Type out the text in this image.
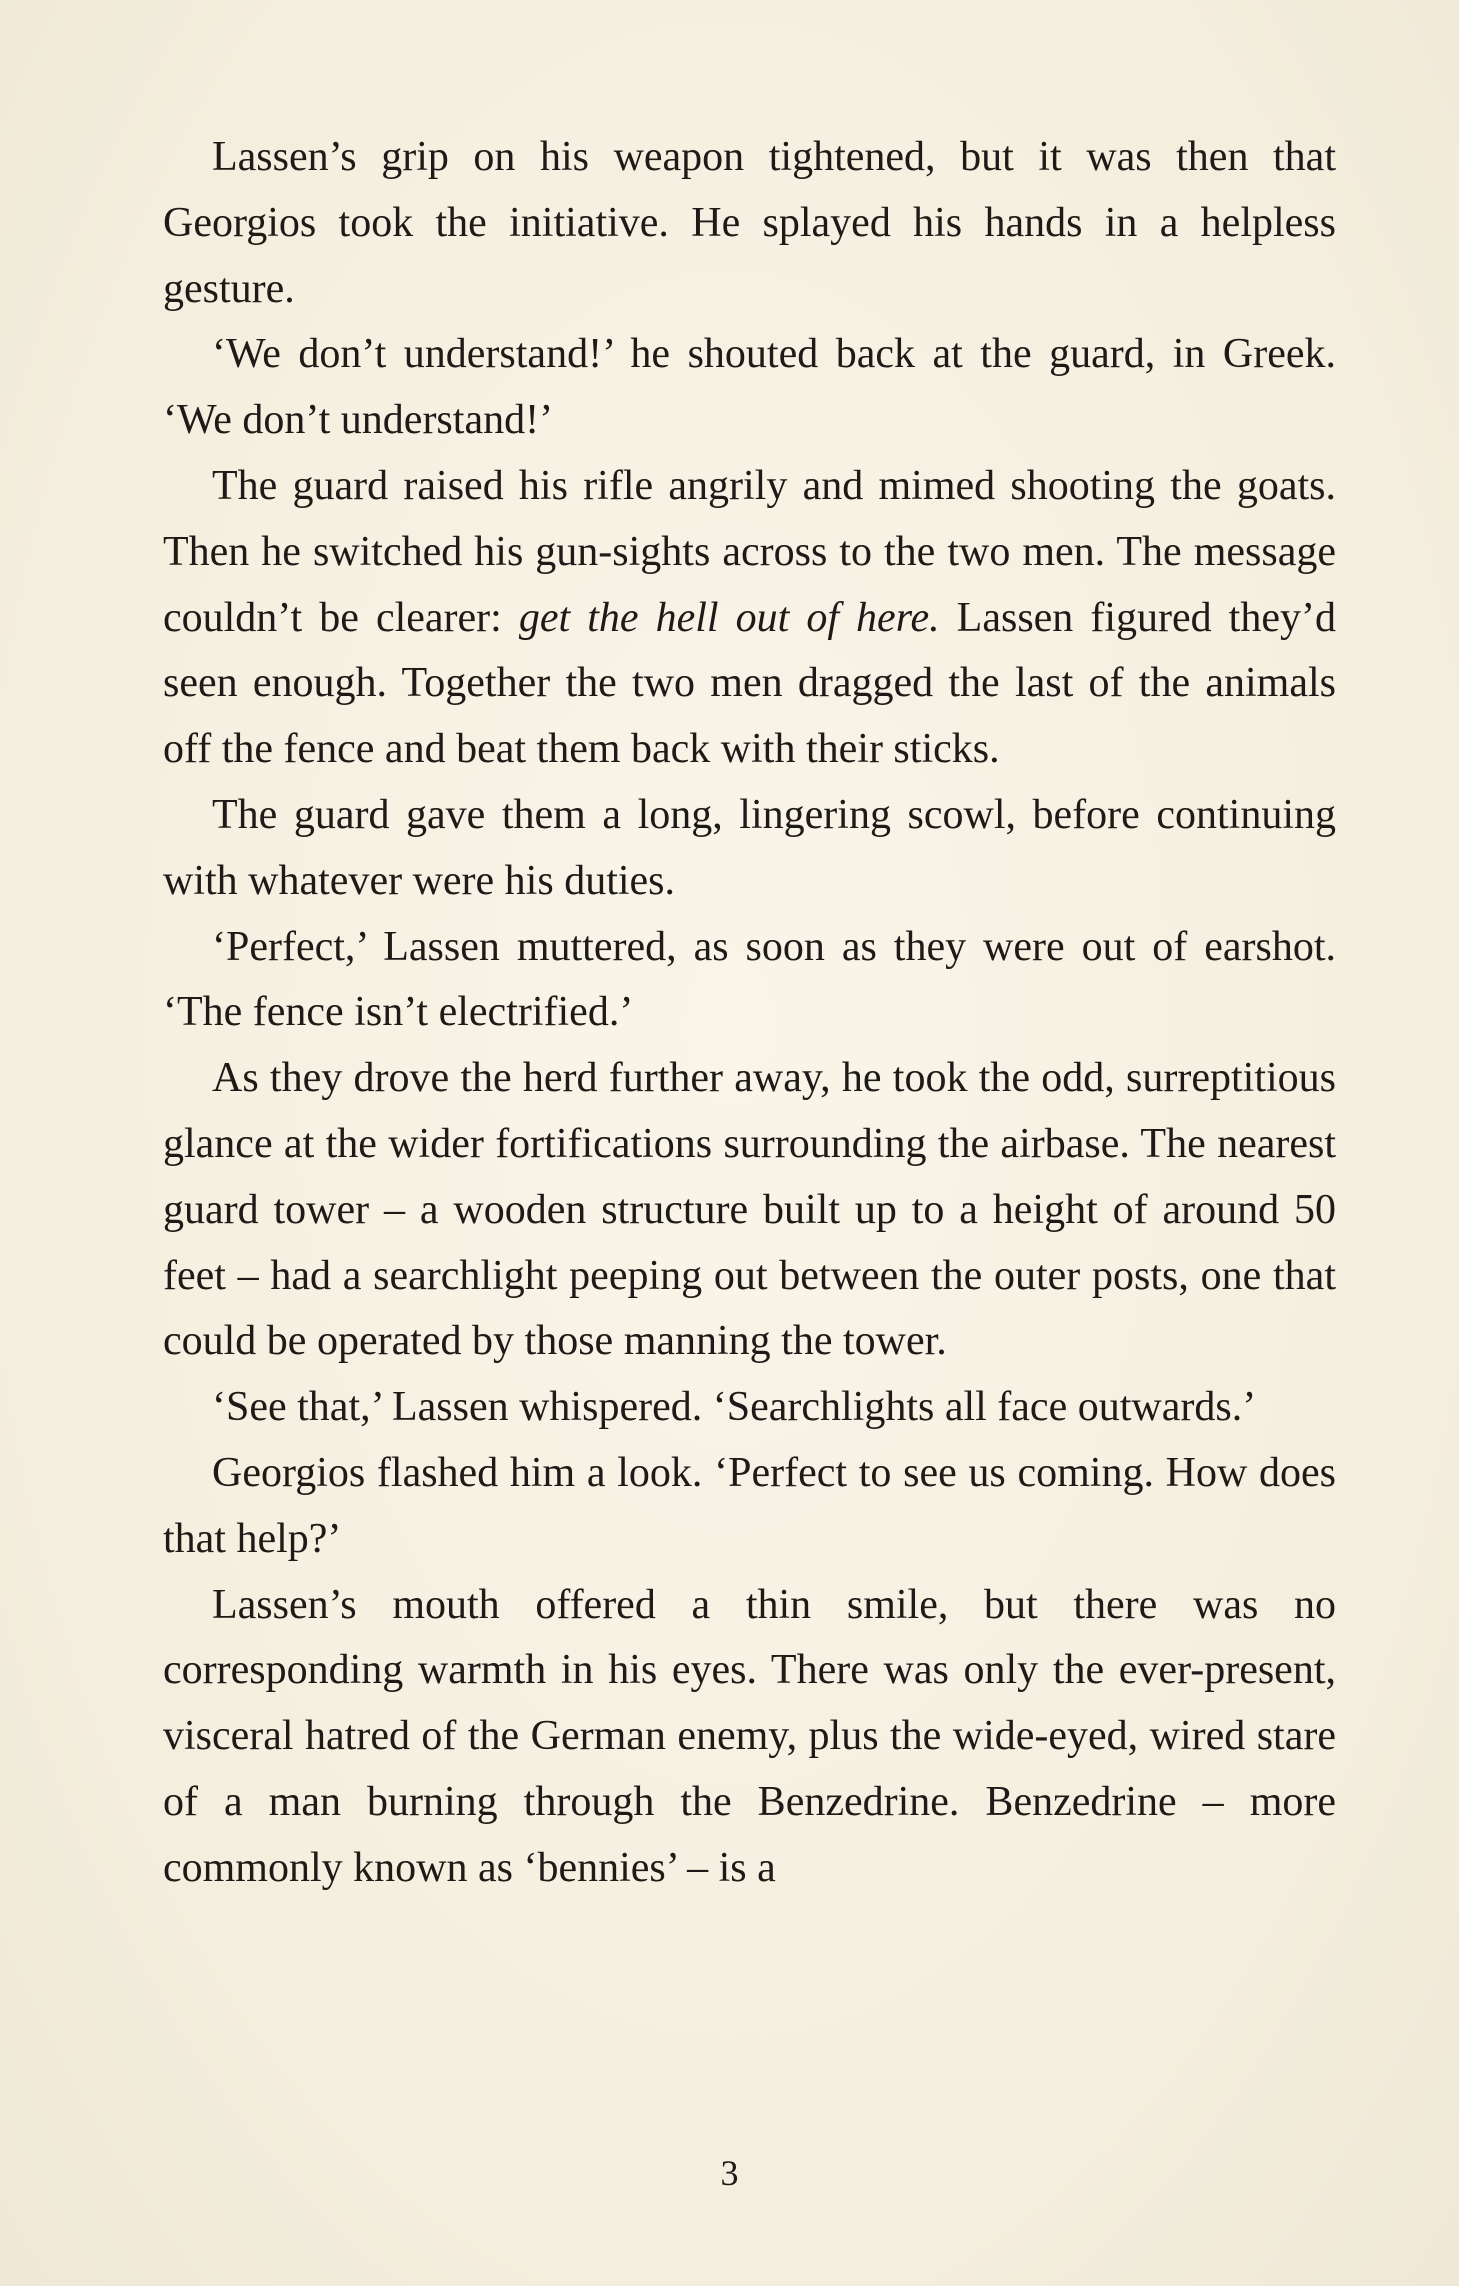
Lassen’s grip on his weapon tightened, but it was then that Georgios took the initiative. He splayed his hands in a helpless gesture.

‘We don’t understand!’ he shouted back at the guard, in Greek. ‘We don’t understand!’

The guard raised his rifle angrily and mimed shooting the goats. Then he switched his gun-sights across to the two men. The message couldn’t be clearer: get the hell out of here. Lassen figured they’d seen enough. Together the two men dragged the last of the animals off the fence and beat them back with their sticks.

The guard gave them a long, lingering scowl, before continuing with whatever were his duties.

‘Perfect,’ Lassen muttered, as soon as they were out of earshot. ‘The fence isn’t electrified.’

As they drove the herd further away, he took the odd, surreptitious glance at the wider fortifications surrounding the airbase. The nearest guard tower – a wooden structure built up to a height of around 50 feet – had a searchlight peeping out between the outer posts, one that could be operated by those manning the tower.

‘See that,’ Lassen whispered. ‘Searchlights all face outwards.’

Georgios flashed him a look. ‘Perfect to see us coming. How does that help?’

Lassen’s mouth offered a thin smile, but there was no corresponding warmth in his eyes. There was only the ever-present, visceral hatred of the German enemy, plus the wide-eyed, wired stare of a man burning through the Benzedrine. Benzedrine – more commonly known as ‘bennies’ – is a

3
